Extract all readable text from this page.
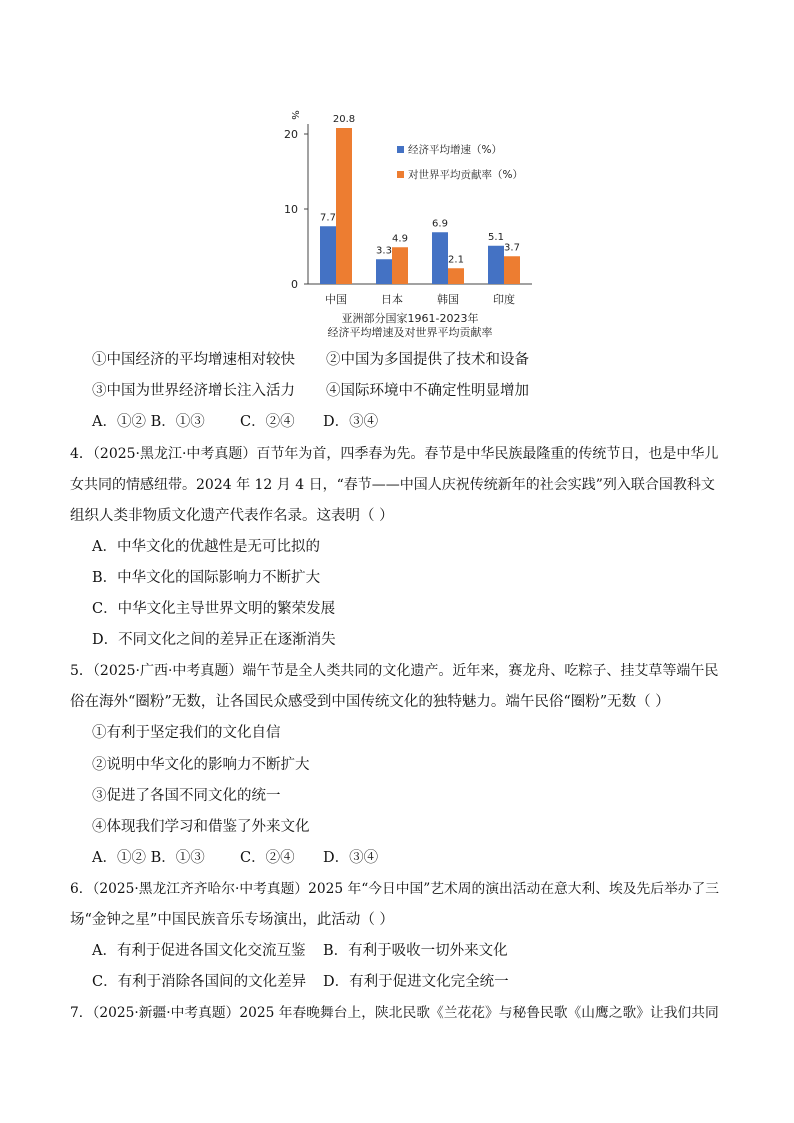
%
0
10
20
7.7
20.8
中国
3.3
4.9
日本
6.9
2.1
韩国
5.1
3.7
印度
经济平均增速（%）
对世界平均贡献率（%）
亚洲部分国家1961-2023年
经济平均增速及对世界平均贡献率
①中国经济的平均增速相对较快 ②中国为多国提供了技术和设备
③中国为世界经济增长注入活力 ④国际环境中不确定性明显增加
A．①② B．①③ C．②④ D．③④
4．（2025·黑龙江·中考真题）百节年为首，四季春为先。春节是中华民族最隆重的传统节日，也是中华儿
女共同的情感纽带。2024 年 12 月 4 日，“春节——中国人庆祝传统新年的社会实践”列入联合国教科文
组织人类非物质文化遗产代表作名录。这表明（ ）
A．中华文化的优越性是无可比拟的
B．中华文化的国际影响力不断扩大
C．中华文化主导世界文明的繁荣发展
D．不同文化之间的差异正在逐渐消失
5．（2025·广西·中考真题）端午节是全人类共同的文化遗产。近年来，赛龙舟、吃粽子、挂艾草等端午民
俗在海外“圈粉”无数，让各国民众感受到中国传统文化的独特魅力。端午民俗“圈粉”无数（ ）
①有利于坚定我们的文化自信
②说明中华文化的影响力不断扩大
③促进了各国不同文化的统一
④体现我们学习和借鉴了外来文化
A．①② B．①③ C．②④ D．③④
6．（2025·黑龙江齐齐哈尔·中考真题）2025 年“今日中国”艺术周的演出活动在意大利、埃及先后举办了三
场“金钟之星”中国民族音乐专场演出，此活动（ ）
A．有利于促进各国文化交流互鉴 B．有利于吸收一切外来文化
C．有利于消除各国间的文化差异 D．有利于促进文化完全统一
7．（2025·新疆·中考真题）2025 年春晚舞台上，陕北民歌《兰花花》与秘鲁民歌《山鹰之歌》让我们共同
